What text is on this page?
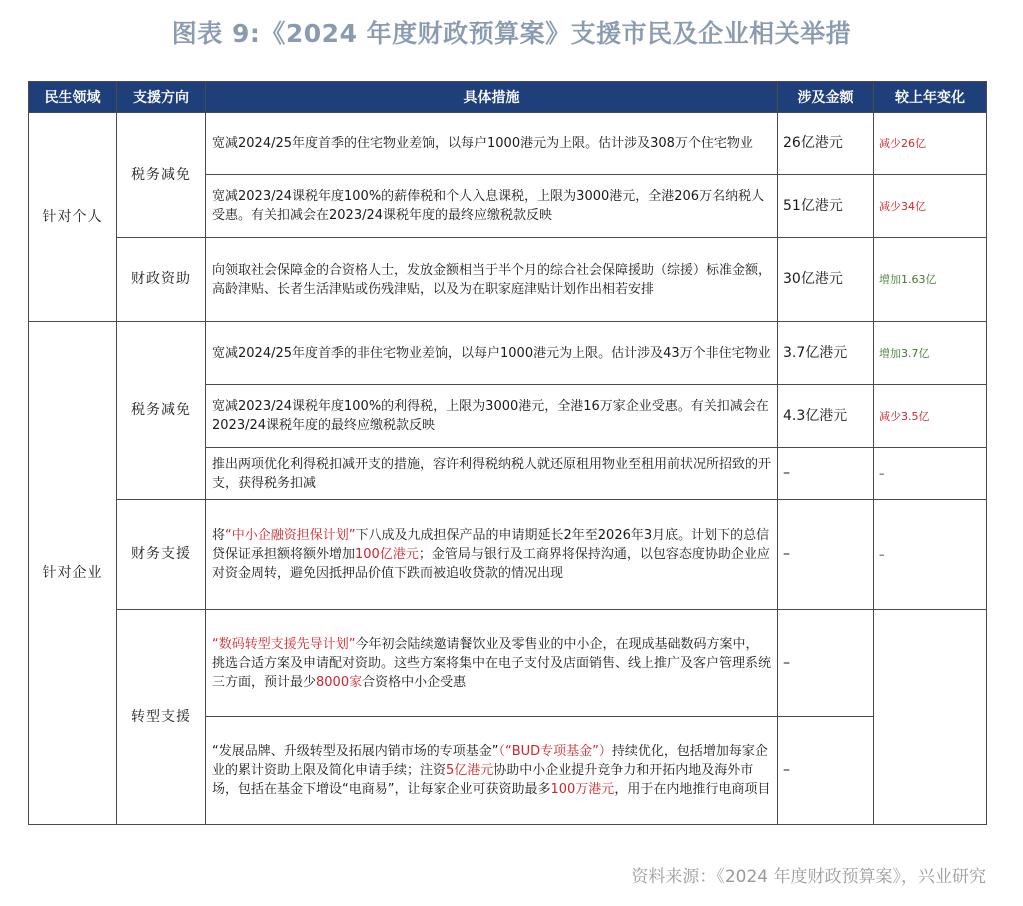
图表 9:《2024 年度财政预算案》支援市民及企业相关举措
民生领域	支援方向	具体措施	涉及金额	较上年变化
针对个人	税务减免	宽减2024/25年度首季的住宅物业差饷，以每户1000港元为上限。估计涉及308万个住宅物业	26亿港元	减少26亿
		宽减2023/24课税年度100%的薪俸税和个人入息课税，上限为3000港元，全港206万名纳税人受惠。有关扣减会在2023/24课税年度的最终应缴税款反映	51亿港元	减少34亿
	财政资助	向领取社会保障金的合资格人士，发放金额相当于半个月的综合社会保障援助（综援）标准金额，高龄津贴、长者生活津贴或伤残津贴，以及为在职家庭津贴计划作出相若安排	30亿港元	增加1.63亿
针对企业	税务减免	宽减2024/25年度首季的非住宅物业差饷，以每户1000港元为上限。估计涉及43万个非住宅物业	3.7亿港元	增加3.7亿
		宽减2023/24课税年度100%的利得税，上限为3000港元，全港16万家企业受惠。有关扣减会在2023/24课税年度的最终应缴税款反映	4.3亿港元	减少3.5亿
		推出两项优化利得税扣减开支的措施，容许利得税纳税人就还原租用物业至租用前状况所招致的开支，获得税务扣减	–	–
	财务支援	将“中小企融资担保计划”下八成及九成担保产品的申请期延长2年至2026年3月底。计划下的总信贷保证承担额将额外增加100亿港元；金管局与银行及工商界将保持沟通，以包容态度协助企业应对资金周转，避免因抵押品价值下跌而被追收贷款的情况出现	–	–
	转型支援	“数码转型支援先导计划”今年初会陆续邀请餐饮业及零售业的中小企，在现成基础数码方案中，挑选合适方案及申请配对资助。这些方案将集中在电子支付及店面销售、线上推广及客户管理系统三方面，预计最少8000家合资格中小企受惠	–	
		“发展品牌、升级转型及拓展内销市场的专项基金”（“BUD专项基金”）持续优化，包括增加每家企业的累计资助上限及简化申请手续；注资5亿港元协助中小企业提升竞争力和开拓内地及海外市场，包括在基金下增设“电商易”，让每家企业可获资助最多100万港元，用于在内地推行电商项目	–	
资料来源：《2024 年度财政预算案》，兴业研究
